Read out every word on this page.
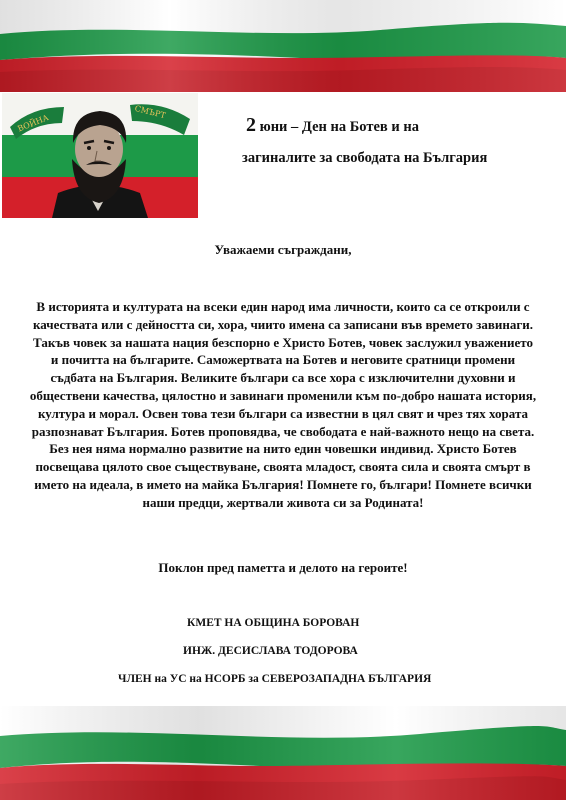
ВОЙНА
СМЪРТ
2 юни – Ден на Ботев и на
загиналите за свободата на България
Уважаеми съграждани,

В историята и културата на всеки един народ има личности, които са се откроили с качествата или с дейността си, хора, чиито имена са записани във времето завинаги. Такъв човек за нашата нация безспорно е Христо Ботев, човек заслужил уважението и почитта на българите. Саможертвата на Ботев и неговите сратници промени съдбата на България. Великите българи са все хора с изключителни духовни и обществени качества, цялостно и завинаги променили към по-добро нашата история, култура и морал. Освен това тези българи са известни в цял свят и чрез тях хората разпознават България. Ботев проповядва, че свободата е най-важното нещо на света. Без нея няма нормално развитие на нито един човешки индивид. Христо Ботев посвещава цялото свое съществуване, своята младост, своята сила и своята смърт в името на идеала, в името на майка България! Помнете го, българи! Помнете всички наши предци, жертвали живота си за Родината!

Поклон пред паметта и делото на героите!
КМЕТ НА ОБЩИНА БОРОВАН
ИНЖ. ДЕСИСЛАВА ТОДОРОВА
ЧЛЕН на УС на НСОРБ за СЕВЕРОЗАПАДНА БЪЛГАРИЯ
